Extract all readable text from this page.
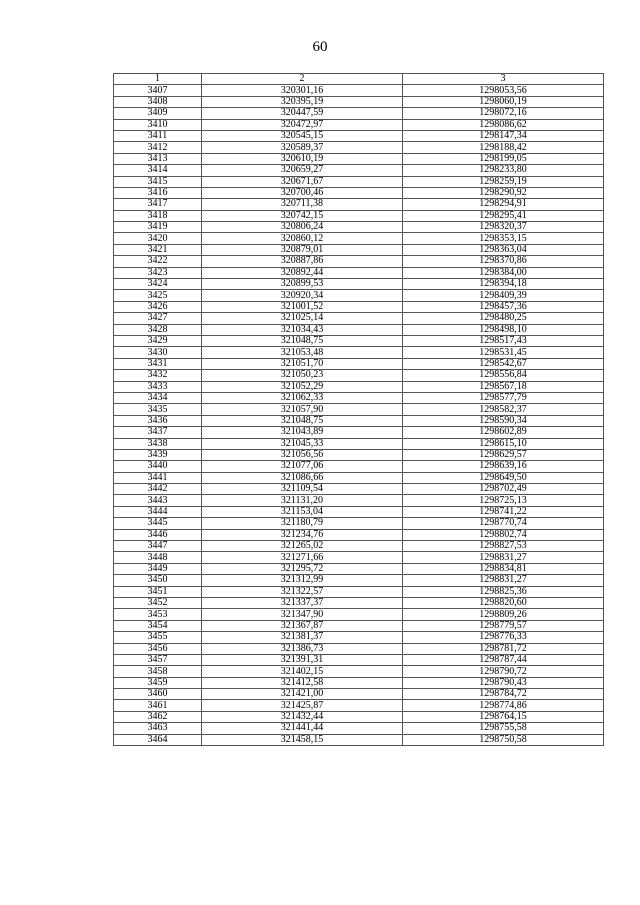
60
1	2	3
3407	320301,16	1298053,56
3408	320395,19	1298060,19
3409	320447,59	1298072,16
3410	320472,97	1298086,62
3411	320545,15	1298147,34
3412	320589,37	1298188,42
3413	320610,19	1298199,05
3414	320659,27	1298233,80
3415	320671,67	1298259,19
3416	320700,46	1298290,92
3417	320711,38	1298294,91
3418	320742,15	1298295,41
3419	320806,24	1298320,37
3420	320860,12	1298353,15
3421	320879,01	1298363,04
3422	320887,86	1298370,86
3423	320892,44	1298384,00
3424	320899,53	1298394,18
3425	320920,34	1298409,39
3426	321001,52	1298457,36
3427	321025,14	1298480,25
3428	321034,43	1298498,10
3429	321048,75	1298517,43
3430	321053,48	1298531,45
3431	321051,70	1298542,67
3432	321050,23	1298556,84
3433	321052,29	1298567,18
3434	321062,33	1298577,79
3435	321057,90	1298582,37
3436	321048,75	1298590,34
3437	321043,89	1298602,89
3438	321045,33	1298615,10
3439	321056,56	1298629,57
3440	321077,06	1298639,16
3441	321086,66	1298649,50
3442	321109,54	1298702,49
3443	321131,20	1298725,13
3444	321153,04	1298741,22
3445	321180,79	1298770,74
3446	321234,76	1298802,74
3447	321265,02	1298827,53
3448	321271,66	1298831,27
3449	321295,72	1298834,81
3450	321312,99	1298831,27
3451	321322,57	1298825,36
3452	321337,37	1298820,60
3453	321347,90	1298809,26
3454	321367,87	1298779,57
3455	321381,37	1298776,33
3456	321386,73	1298781,72
3457	321391,31	1298787,44
3458	321402,15	1298790,72
3459	321412,58	1298790,43
3460	321421,00	1298784,72
3461	321425,87	1298774,86
3462	321432,44	1298764,15
3463	321441,44	1298755,58
3464	321458,15	1298750,58
